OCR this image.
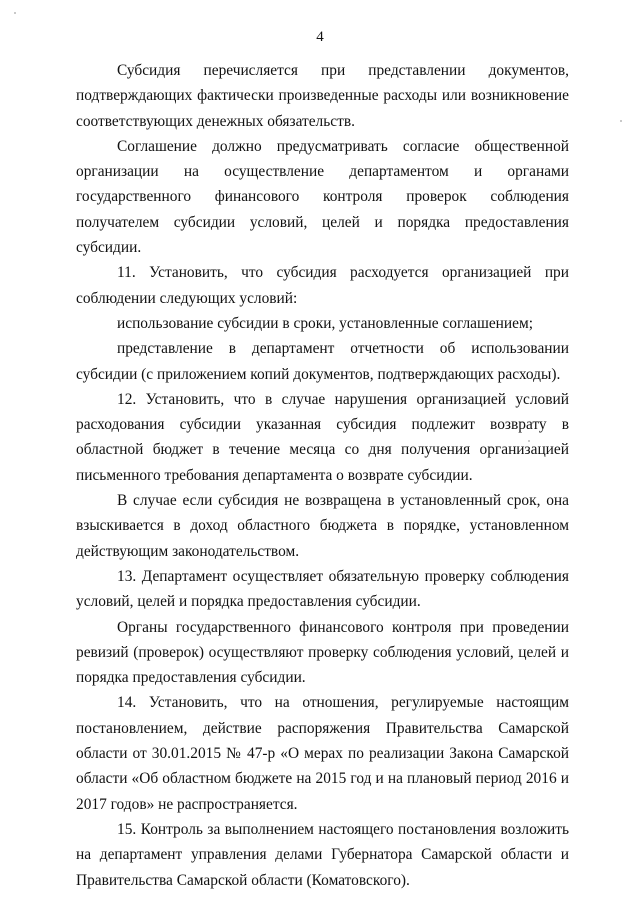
4

Субсидия перечисляется при представлении документов, подтверждающих фактически произведенные расходы или возникновение соответствующих денежных обязательств.

Соглашение должно предусматривать согласие общественной организации на осуществление департаментом и органами государственного финансового контроля проверок соблюдения получателем субсидии условий, целей и порядка предоставления субсидии.

11. Установить, что субсидия расходуется организацией при соблюдении следующих условий:

использование субсидии в сроки, установленные соглашением;

представление в департамент отчетности об использовании субсидии (с приложением копий документов, подтверждающих расходы).

12. Установить, что в случае нарушения организацией условий расходования субсидии указанная субсидия подлежит возврату в областной бюджет в течение месяца со дня получения организацией письменного требования департамента о возврате субсидии.

В случае если субсидия не возвращена в установленный срок, она взыскивается в доход областного бюджета в порядке, установленном действующим законодательством.

13. Департамент осуществляет обязательную проверку соблюдения условий, целей и порядка предоставления субсидии.

Органы государственного финансового контроля при проведении ревизий (проверок) осуществляют проверку соблюдения условий, целей и порядка предоставления субсидии.

14. Установить, что на отношения, регулируемые настоящим постановлением, действие распоряжения Правительства Самарской области от 30.01.2015 № 47-р «О мерах по реализации Закона Самарской области «Об областном бюджете на 2015 год и на плановый период 2016 и 2017 годов» не распространяется.

15. Контроль за выполнением настоящего постановления возложить на департамент управления делами Губернатора Самарской области и Правительства Самарской области (Коматовского).
